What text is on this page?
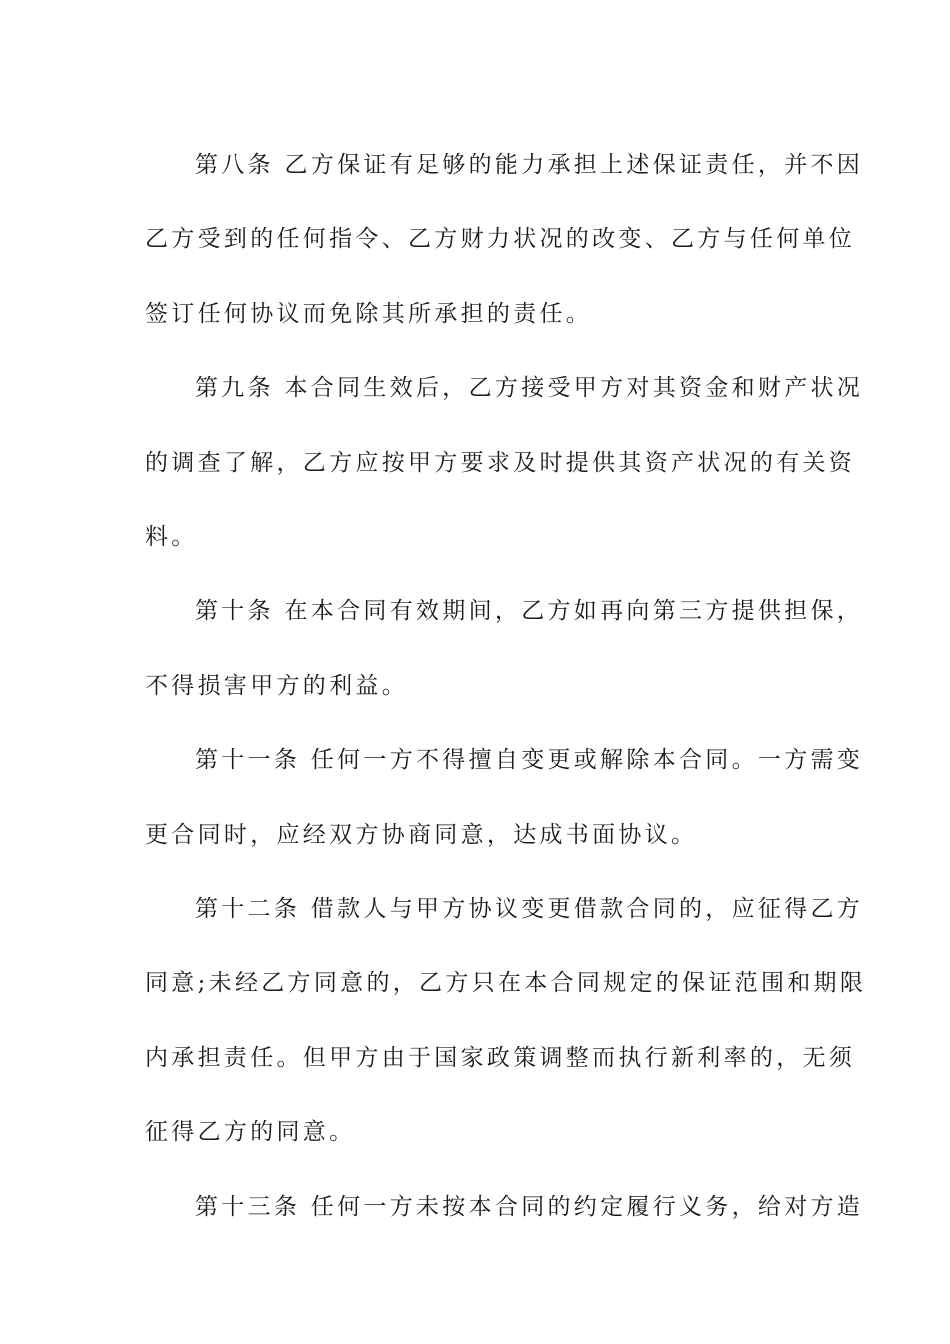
第八条 乙方保证有足够的能力承担上述保证责任，并不因
乙方受到的任何指令、乙方财力状况的改变、乙方与任何单位
签订任何协议而免除其所承担的责任。
第九条 本合同生效后，乙方接受甲方对其资金和财产状况
的调查了解，乙方应按甲方要求及时提供其资产状况的有关资
料。
第十条 在本合同有效期间，乙方如再向第三方提供担保，
不得损害甲方的利益。
第十一条 任何一方不得擅自变更或解除本合同。一方需变
更合同时，应经双方协商同意，达成书面协议。
第十二条 借款人与甲方协议变更借款合同的，应征得乙方
同意;未经乙方同意的，乙方只在本合同规定的保证范围和期限
内承担责任。但甲方由于国家政策调整而执行新利率的，无须
征得乙方的同意。
第十三条 任何一方未按本合同的约定履行义务，给对方造
